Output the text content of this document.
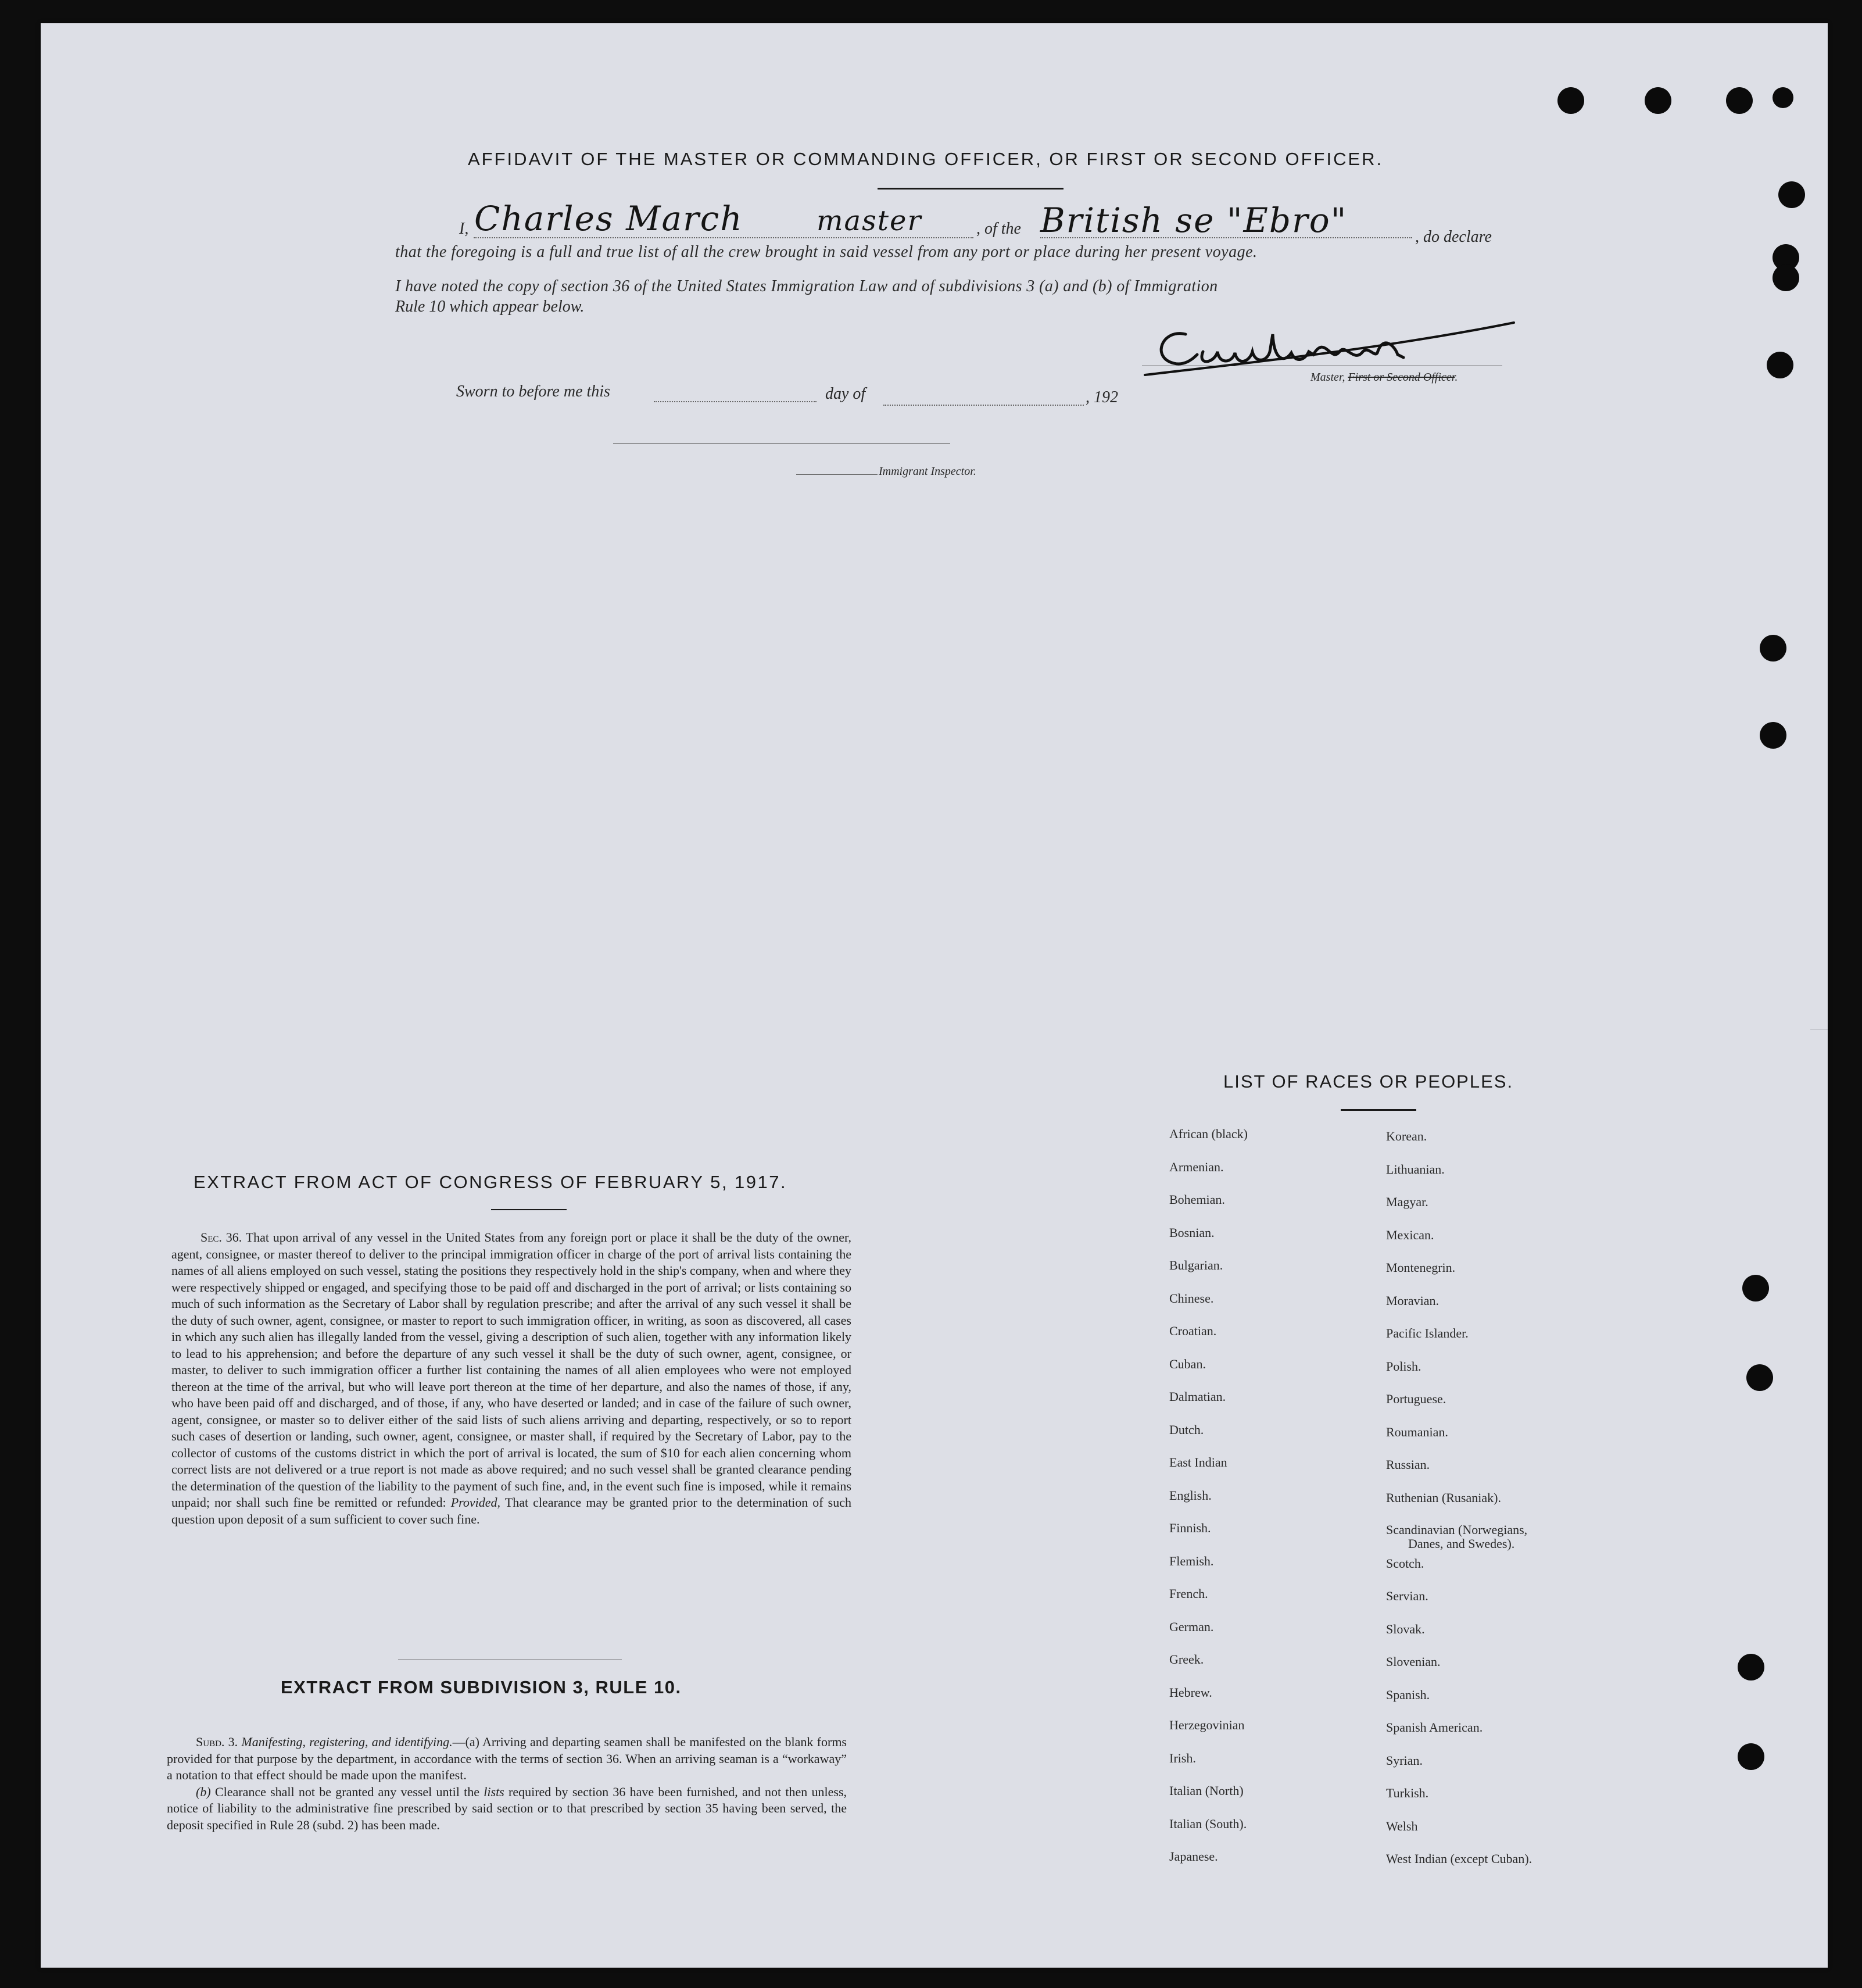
AFFIDAVIT OF THE MASTER OR COMMANDING OFFICER, OR FIRST OR SECOND OFFICER.
I, Charles March	master	, of the British se "Ebro"	, do declare
that the foregoing is a full and true list of all the crew brought in said vessel from any port or place during her present voyage.
I have noted the copy of section 36 of the United States Immigration Law and of subdivisions 3 (a) and (b) of Immigration
Rule 10 which appear below.
Master, First or Second Officer.
Sworn to before me this	day of	, 192
Immigrant Inspector.
LIST OF RACES OR PEOPLES.
African (black)
Armenian.
Bohemian.
Bosnian.
Bulgarian.
Chinese.
Croatian.
Cuban.
Dalmatian.
Dutch.
East Indian
English.
Finnish.
Flemish.
French.
German.
Greek.
Hebrew.
Herzegovinian
Irish.
Italian (North)
Italian (South).
Japanese.
Korean.
Lithuanian.
Magyar.
Mexican.
Montenegrin.
Moravian.
Pacific Islander.
Polish.
Portuguese.
Roumanian.
Russian.
Ruthenian (Rusaniak).
Scandinavian (Norwegians,
Danes, and Swedes).
Scotch.
Servian.
Slovak.
Slovenian.
Spanish.
Spanish American.
Syrian.
Turkish.
Welsh
West Indian (except Cuban).
EXTRACT FROM ACT OF CONGRESS OF FEBRUARY 5, 1917.

Sec. 36. That upon arrival of any vessel in the United States from any foreign port or place it shall be the duty of the owner, agent, consignee, or master thereof to deliver to the principal immigration officer in charge of the port of arrival lists containing the names of all aliens employed on such vessel, stating the positions they respectively hold in the ship's company, when and where they were respectively shipped or engaged, and specifying those to be paid off and discharged in the port of arrival; or lists containing so much of such information as the Secretary of Labor shall by regulation prescribe; and after the arrival of any such vessel it shall be the duty of such owner, agent, consignee, or master to report to such immigration officer, in writing, as soon as discovered, all cases in which any such alien has illegally landed from the vessel, giving a description of such alien, together with any information likely to lead to his apprehension; and before the departure of any such vessel it shall be the duty of such owner, agent, consignee, or master, to deliver to such immigration officer a further list containing the names of all alien employees who were not employed thereon at the time of the arrival, but who will leave port thereon at the time of her departure, and also the names of those, if any, who have been paid off and discharged, and of those, if any, who have deserted or landed; and in case of the failure of such owner, agent, consignee, or master so to deliver either of the said lists of such aliens arriving and departing, respectively, or so to report such cases of desertion or landing, such owner, agent, consignee, or master shall, if required by the Secretary of Labor, pay to the collector of customs of the customs district in which the port of arrival is located, the sum of $10 for each alien concerning whom correct lists are not delivered or a true report is not made as above required; and no such vessel shall be granted clearance pending the determination of the question of the liability to the payment of such fine, and, in the event such fine is imposed, while it remains unpaid; nor shall such fine be remitted or refunded: Provided, That clearance may be granted prior to the determination of such question upon deposit of a sum sufficient to cover such fine.

EXTRACT FROM SUBDIVISION 3, RULE 10.

Subd. 3. Manifesting, registering, and identifying.—(a) Arriving and departing seamen shall be manifested on the blank forms provided for that purpose by the department, in accordance with the terms of section 36. When an arriving seaman is a “workaway” a notation to that effect should be made upon the manifest.

(b) Clearance shall not be granted any vessel until the lists required by section 36 have been furnished, and not then unless, notice of liability to the administrative fine prescribed by said section or to that prescribed by section 35 having been served, the deposit specified in Rule 28 (subd. 2) has been made.
